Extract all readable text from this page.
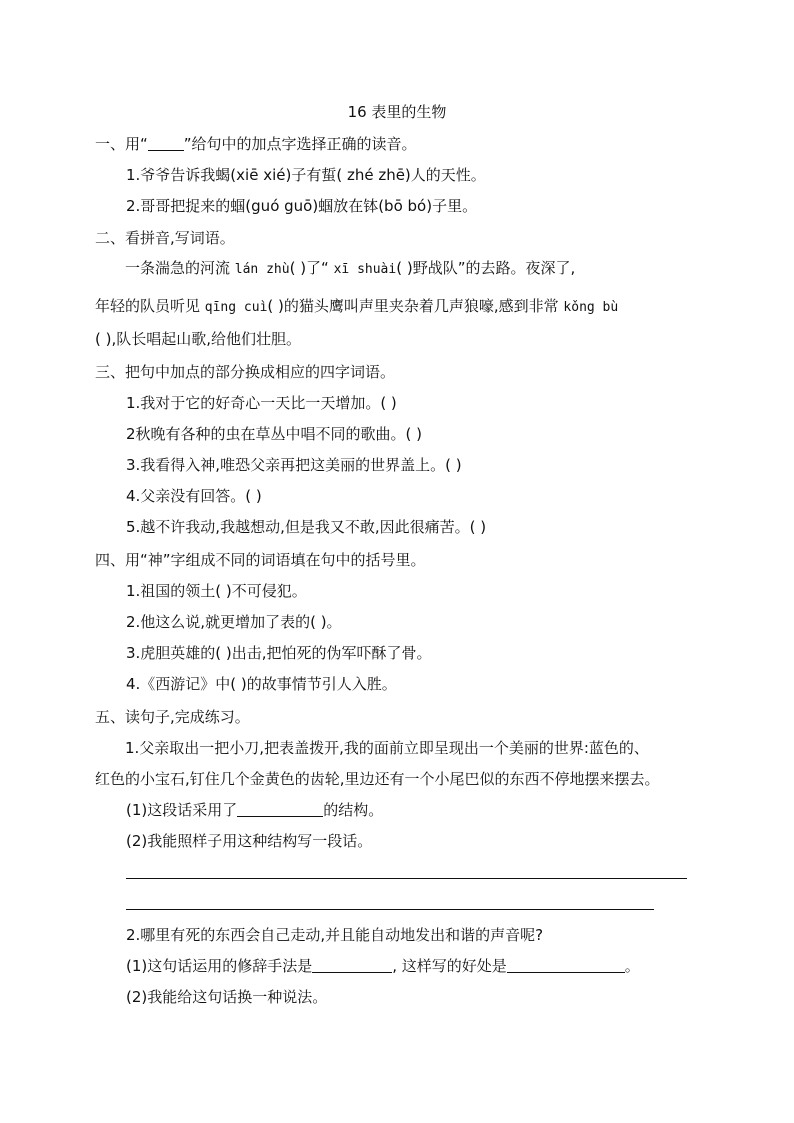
16 表里的生物
一、用“ ”给句中的加点字选择正确的读音。
1.爷爷告诉我蝎(xiē xié)子有蜇( zhé zhē)人的天性。
2.哥哥把捉来的蝈(guó guō)蝈放在钵(bō bó)子里。
二、看拼音,写词语。
一条湍急的河流 lán zhù( )了“ xī shuài( )野战队”的去路。夜深了,
年轻的队员听见 qīng cuì( )的猫头鹰叫声里夹杂着几声狼嚎,感到非常 kǒng bù
( ),队长唱起山歌,给他们壮胆。
三、把句中加点的部分换成相应的四字词语。
1.我对于它的好奇心一天比一天增加。( )
2秋晚有各种的虫在草丛中唱不同的歌曲。( )
3.我看得入神,唯恐父亲再把这美丽的世界盖上。( )
4.父亲没有回答。( )
5.越不许我动,我越想动,但是我又不敢,因此很痛苦。( )
四、用“神”字组成不同的词语填在句中的括号里。
1.祖国的领土( )不可侵犯。
2.他这么说,就更增加了表的( )。
3.虎胆英雄的( )出击,把怕死的伪军吓酥了骨。
4.《西游记》中( )的故事情节引人入胜。
五、读句子,完成练习。
1.父亲取出一把小刀,把表盖拨开,我的面前立即呈现出一个美丽的世界:蓝色的、
红色的小宝石,钉住几个金黄色的齿轮,里边还有一个小尾巴似的东西不停地摆来摆去。
(1)这段话采用了	的结构。
(2)我能照样子用这种结构写一段话。
2.哪里有死的东西会自己走动,并且能自动地发出和谐的声音呢?
(1)这句话运用的修辞手法是	, 这样写的好处是	。
(2)我能给这句话换一种说法。
